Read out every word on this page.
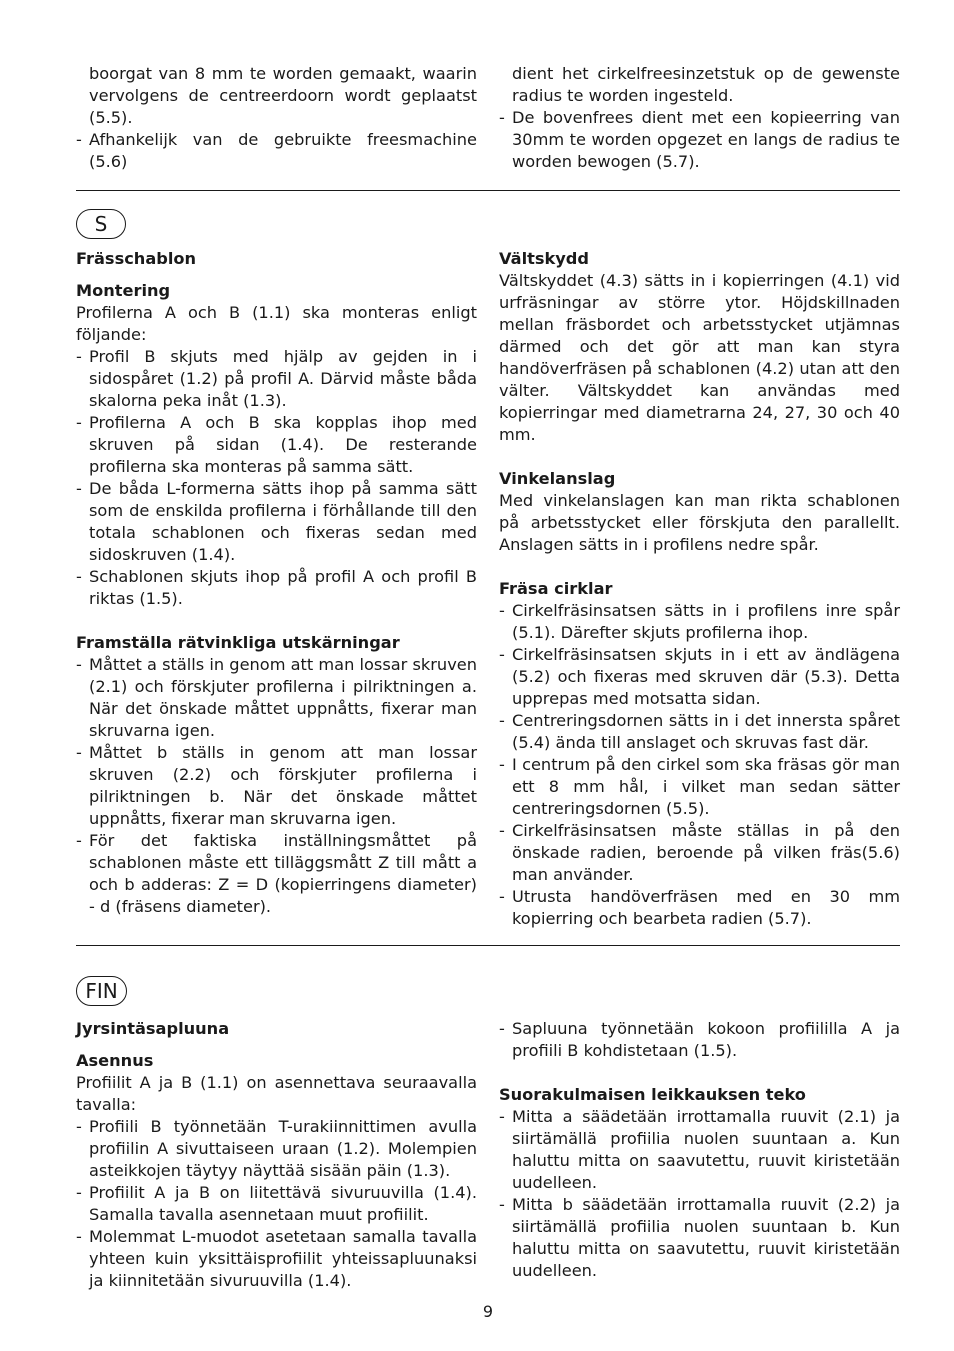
boorgat van 8 mm te worden gemaakt, waarin vervolgens de centreerdoorn wordt geplaatst (5.5).

- Afhankelijk van de gebruikte freesmachine (5.6)

dient het cirkelfreesinzetstuk op de gewenste radius te worden ingesteld.

- De bovenfrees dient met een kopieerring van 30mm te worden opgezet en langs de radius te worden bewogen (5.7).
S

Frässchablon

Montering

Profilerna A och B (1.1) ska monteras enligt följande:

- Profil B skjuts med hjälp av gejden in i sidospåret (1.2) på profil A. Därvid måste båda skalorna peka inåt (1.3).
- Profilerna A och B ska kopplas ihop med skruven på sidan (1.4). De resterande profilerna ska monteras på samma sätt.
- De båda L-formerna sätts ihop på samma sätt som de enskilda profilerna i förhållande till den totala schablonen och fixeras sedan med sidoskruven (1.4).
- Schablonen skjuts ihop på profil A och profil B riktas (1.5).

Framställa rätvinkliga utskärningar

- Måttet a ställs in genom att man lossar skruven (2.1) och förskjuter profilerna i pilriktningen a. När det önskade måttet uppnåtts, fixerar man skruvarna igen.
- Måttet b ställs in genom att man lossar skruven (2.2) och förskjuter profilerna i pilriktningen b. När det önskade måttet uppnåtts, fixerar man skruvarna igen.
- För det faktiska inställningsmåttet på schablonen måste ett tilläggsmått Z till mått a och b adderas: Z = D (kopierringens diameter) - d (fräsens diameter).

Vältskydd

Vältskyddet (4.3) sätts in i kopierringen (4.1) vid urfräsningar av större ytor. Höjdskillnaden mellan fräsbordet och arbetsstycket utjämnas därmed och det gör att man kan styra handöverfräsen på schablonen (4.2) utan att den välter. Vältskyddet kan användas med kopierringar med diametrarna 24, 27, 30 och 40 mm.

Vinkelanslag

Med vinkelanslagen kan man rikta schablonen på arbetsstycket eller förskjuta den parallellt. Anslagen sätts in i profilens nedre spår.

Fräsa cirklar

- Cirkelfräsinsatsen sätts in i profilens inre spår (5.1). Därefter skjuts profilerna ihop.
- Cirkelfräsinsatsen skjuts in i ett av ändlägena (5.2) och fixeras med skruven där (5.3). Detta upprepas med motsatta sidan.
- Centreringsdornen sätts in i det innersta spåret (5.4) ända till anslaget och skruvas fast där.
- I centrum på den cirkel som ska fräsas gör man ett 8 mm hål, i vilket man sedan sätter centreringsdornen (5.5).
- Cirkelfräsinsatsen måste ställas in på den önskade radien, beroende på vilken fräs(5.6) man använder.
- Utrusta handöverfräsen med en 30 mm kopierring och bearbeta radien (5.7).
FIN

Jyrsintäsapluuna

Asennus

Profiilit A ja B (1.1) on asennettava seuraavalla tavalla:

- Profiili B työnnetään T-urakiinnittimen avulla profiilin A sivuttaiseen uraan (1.2). Molempien asteikkojen täytyy näyttää sisään päin (1.3).
- Profiilit A ja B on liitettävä sivuruuvilla (1.4). Samalla tavalla asennetaan muut profiilit.
- Molemmat L-muodot asetetaan samalla tavalla yhteen kuin yksittäisprofiilit yhteissapluunaksi ja kiinnitetään sivuruuvilla (1.4).
- Sapluuna työnnetään kokoon profiililla A ja profiili B kohdistetaan (1.5).

Suorakulmaisen leikkauksen teko

- Mitta a säädetään irrottamalla ruuvit (2.1) ja siirtämällä profiilia nuolen suuntaan a. Kun haluttu mitta on saavutettu, ruuvit kiristetään uudelleen.
- Mitta b säädetään irrottamalla ruuvit (2.2) ja siirtämällä profiilia nuolen suuntaan b. Kun haluttu mitta on saavutettu, ruuvit kiristetään uudelleen.
9
